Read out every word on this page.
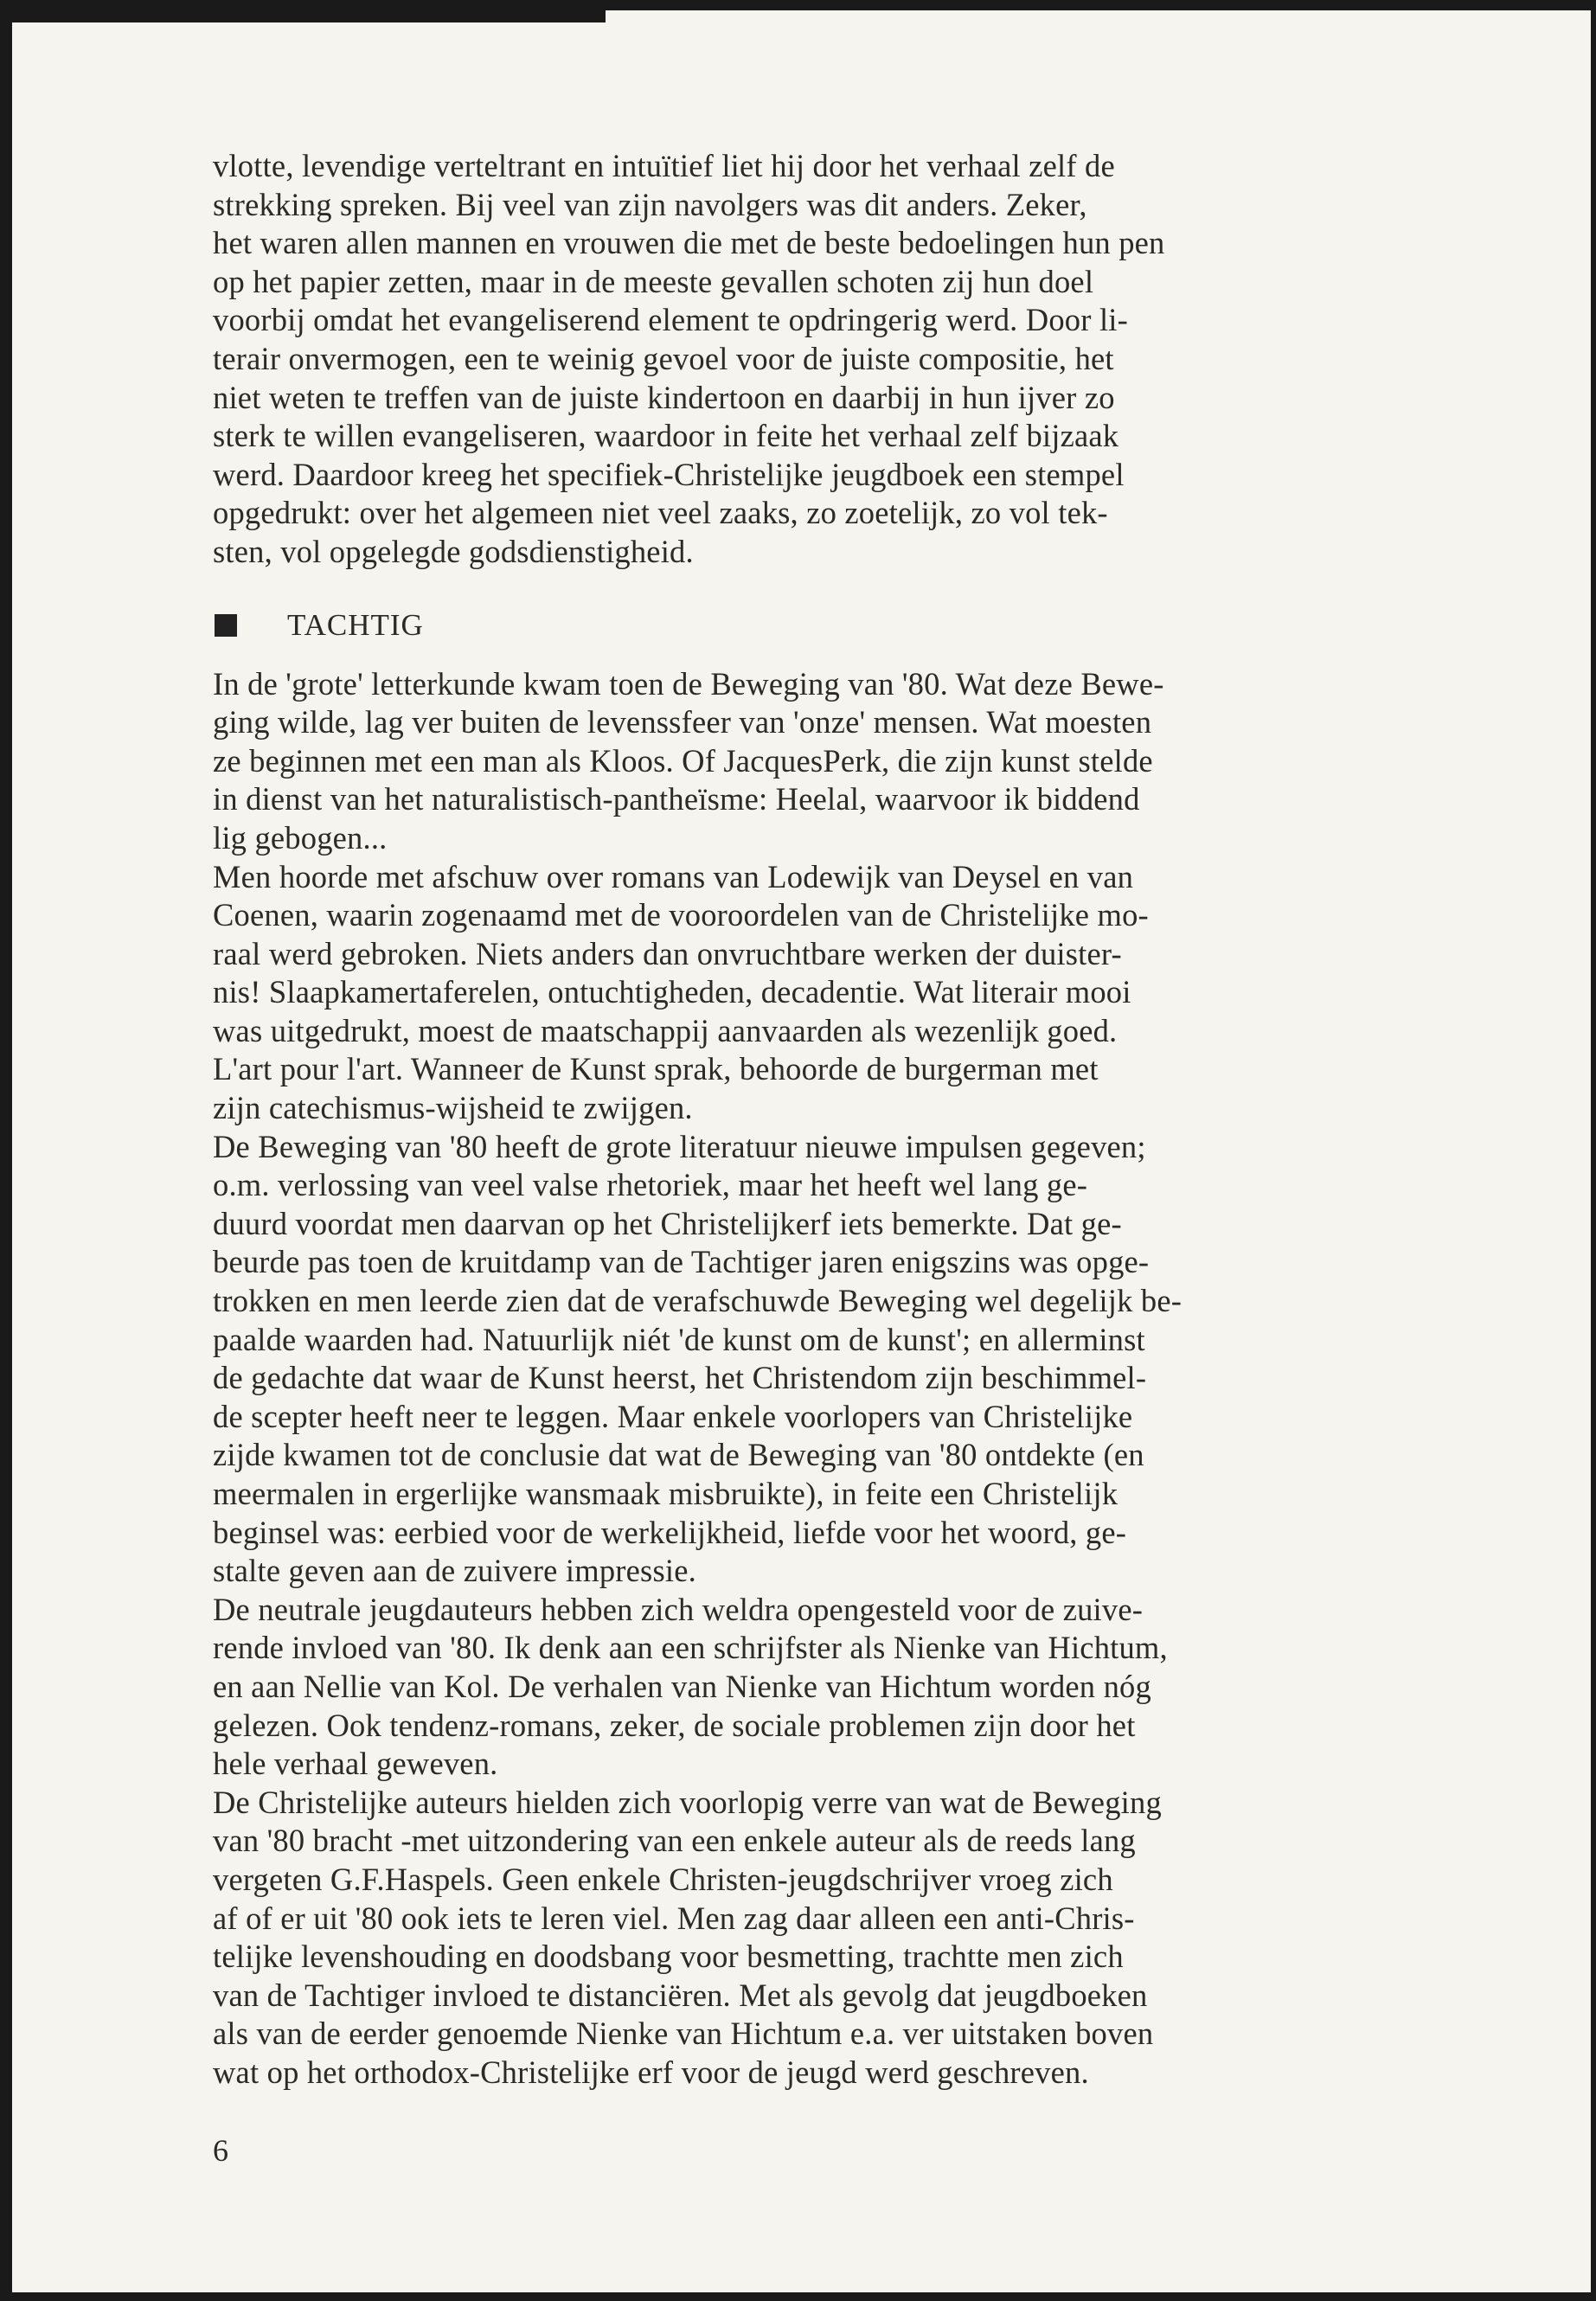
vlotte, levendige verteltrant en intuïtief liet hij door het verhaal zelf de
strekking spreken. Bij veel van zijn navolgers was dit anders. Zeker,
het waren allen mannen en vrouwen die met de beste bedoelingen hun pen
op het papier zetten, maar in de meeste gevallen schoten zij hun doel
voorbij omdat het evangeliserend element te opdringerig werd. Door li-
terair onvermogen, een te weinig gevoel voor de juiste compositie, het
niet weten te treffen van de juiste kindertoon en daarbij in hun ijver zo
sterk te willen evangeliseren, waardoor in feite het verhaal zelf bijzaak
werd. Daardoor kreeg het specifiek-Christelijke jeugdboek een stempel
opgedrukt: over het algemeen niet veel zaaks, zo zoetelijk, zo vol tek-
sten, vol opgelegde godsdienstigheid.

TACHTIG

In de 'grote' letterkunde kwam toen de Beweging van '80. Wat deze Bewe-
ging wilde, lag ver buiten de levenssfeer van 'onze' mensen. Wat moesten
ze beginnen met een man als Kloos. Of JacquesPerk, die zijn kunst stelde
in dienst van het naturalistisch-pantheïsme: Heelal, waarvoor ik biddend
lig gebogen...

Men hoorde met afschuw over romans van Lodewijk van Deysel en van
Coenen, waarin zogenaamd met de vooroordelen van de Christelijke mo-
raal werd gebroken. Niets anders dan onvruchtbare werken der duister-
nis! Slaapkamertaferelen, ontuchtigheden, decadentie. Wat literair mooi
was uitgedrukt, moest de maatschappij aanvaarden als wezenlijk goed.
L'art pour l'art. Wanneer de Kunst sprak, behoorde de burgerman met
zijn catechismus-wijsheid te zwijgen.

De Beweging van '80 heeft de grote literatuur nieuwe impulsen gegeven;
o.m. verlossing van veel valse rhetoriek, maar het heeft wel lang ge-
duurd voordat men daarvan op het Christelijkerf iets bemerkte. Dat ge-
beurde pas toen de kruitdamp van de Tachtiger jaren enigszins was opge-
trokken en men leerde zien dat de verafschuwde Beweging wel degelijk be-
paalde waarden had. Natuurlijk niét 'de kunst om de kunst'; en allerminst
de gedachte dat waar de Kunst heerst, het Christendom zijn beschimmel-
de scepter heeft neer te leggen. Maar enkele voorlopers van Christelijke
zijde kwamen tot de conclusie dat wat de Beweging van '80 ontdekte (en
meermalen in ergerlijke wansmaak misbruikte), in feite een Christelijk
beginsel was: eerbied voor de werkelijkheid, liefde voor het woord, ge-
stalte geven aan de zuivere impressie.

De neutrale jeugdauteurs hebben zich weldra opengesteld voor de zuive-
rende invloed van '80. Ik denk aan een schrijfster als Nienke van Hichtum,
en aan Nellie van Kol. De verhalen van Nienke van Hichtum worden nóg
gelezen. Ook tendenz-romans, zeker, de sociale problemen zijn door het
hele verhaal geweven.

De Christelijke auteurs hielden zich voorlopig verre van wat de Beweging
van '80 bracht -met uitzondering van een enkele auteur als de reeds lang
vergeten G.F.Haspels. Geen enkele Christen-jeugdschrijver vroeg zich
af of er uit '80 ook iets te leren viel. Men zag daar alleen een anti-Chris-
telijke levenshouding en doodsbang voor besmetting, trachtte men zich
van de Tachtiger invloed te distanciëren. Met als gevolg dat jeugdboeken
als van de eerder genoemde Nienke van Hichtum e.a. ver uitstaken boven
wat op het orthodox-Christelijke erf voor de jeugd werd geschreven.

6
